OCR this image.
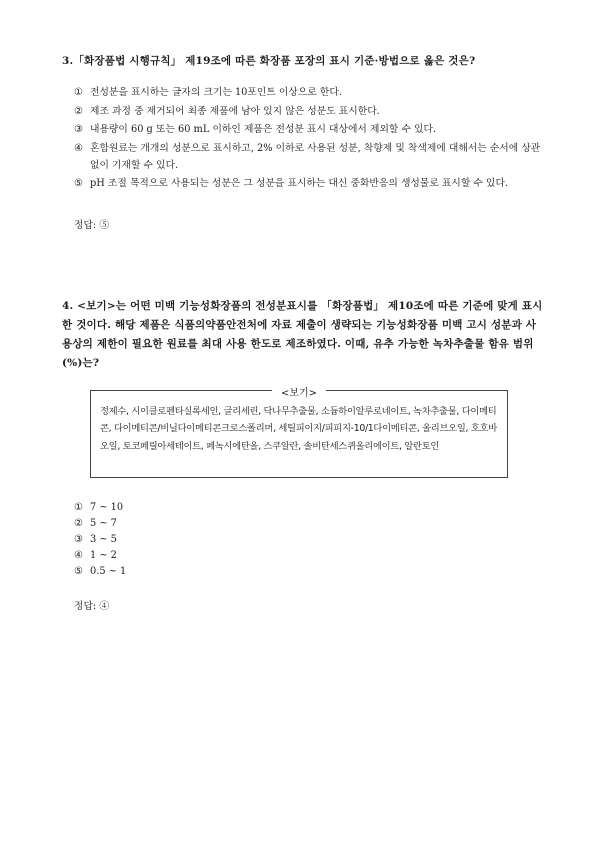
3.「화장품법 시행규칙」 제19조에 따른 화장품 포장의 표시 기준·방법으로 옳은 것은?
① 전성분을 표시하는 글자의 크기는 10포인트 이상으로 한다.
② 제조 과정 중 제거되어 최종 제품에 남아 있지 않은 성분도 표시한다.
③ 내용량이 60 g 또는 60 mL 이하인 제품은 전성분 표시 대상에서 제외할 수 있다.
④ 혼합원료는 개개의 성분으로 표시하고, 2% 이하로 사용된 성분, 착향제 및 착색제에 대해서는 순서에 상관없이 기재할 수 있다.
⑤ pH 조절 목적으로 사용되는 성분은 그 성분을 표시하는 대신 중화반응의 생성물로 표시할 수 있다.
정답: ⑤
4. <보기>는 어떤 미백 기능성화장품의 전성분표시를 「화장품법」 제10조에 따른 기준에 맞게 표시한 것이다. 해당 제품은 식품의약품안전처에 자료 제출이 생략되는 기능성화장품 미백 고시 성분과 사용상의 제한이 필요한 원료를 최대 사용 한도로 제조하였다. 이때, 유추 가능한 녹차추출물 함유 범위(%)는?
<보기>
정제수, 시이클로펜타실록세인, 글리세린, 닥나무추출물, 소듐하이알루로네이트, 녹차추출물, 다이메티콘, 다이메티콘/비닐다이메티콘크로스폴리머, 세틸피이지/피피지-10/1다이메티콘, 올리브오일, 호호바오일, 토코페릴아세테이트, 페녹시에탄올, 스쿠알란, 솔비탄세스퀴올리에이트, 알란토인
① 7 ~ 10
② 5 ~ 7
③ 3 ~ 5
④ 1 ~ 2
⑤ 0.5 ~ 1
정답: ④
